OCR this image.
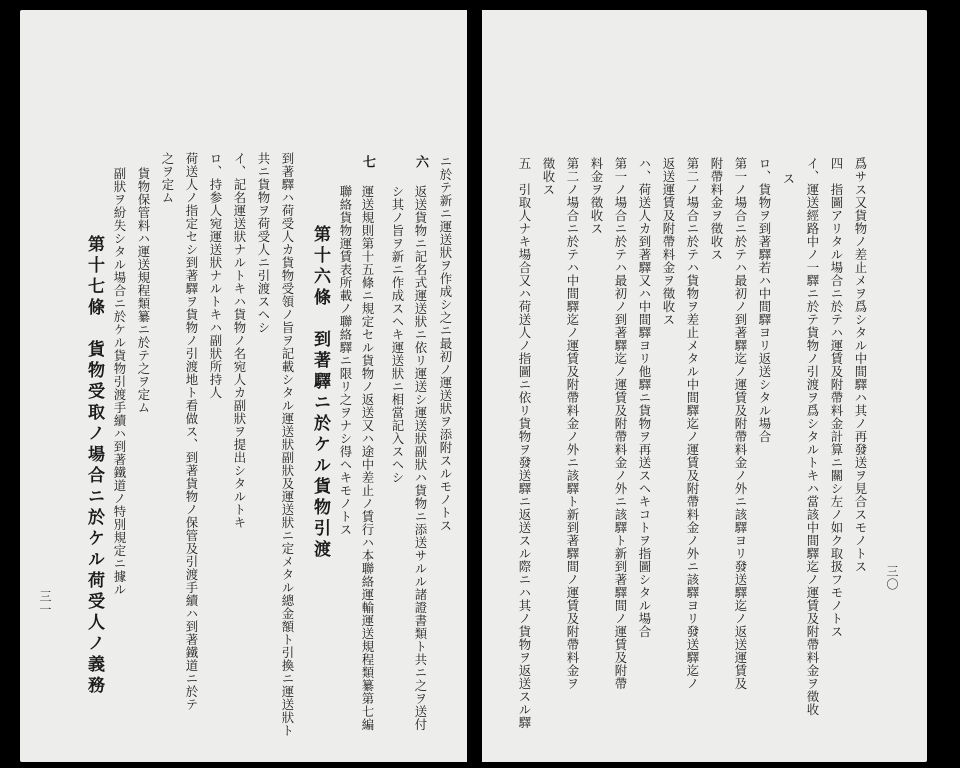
ニ於テ新ニ運送狀ヲ作成シ之ニ最初ノ運送狀ヲ添附スルモノトス
六
返送貨物ニ記名式運送狀ニ依リ運送シ運送狀副狀ハ貨物ニ添送サルル諸證書類ト共ニ之ヲ送付
シ其ノ旨ヲ新ニ作成スヘキ運送狀ニ相當記入スヘシ
七
運送規則第十五條ニ規定セル貨物ノ返送又ハ途中差止ノ賃行ハ本聯絡運輸運送規程類纂第七編
聯絡貨物運賃表所載ノ聯絡驛ニ限リ之ヲナシ得ヘキモノトス
第十六條　到著驛ニ於ケル貨物引渡
到著驛ハ荷受人カ貨物受領ノ旨ヲ記載シタル運送狀副狀及運送狀ニ定メタル總金額ト引換ニ運送狀ト
共ニ貨物ヲ荷受人ニ引渡スヘシ
イ、記名運送狀ナルトキハ貨物ノ名宛人カ副狀ヲ提出シタルトキ
ロ、持参人宛運送狀ナルトキハ副狀所持人
荷送人ノ指定セシ到著驛ヲ貨物ノ引渡地ト看做ス、到著貨物ノ保管及引渡手續ハ到著鐵道ニ於テ
之ヲ定ム
貨物保管料ハ運送規程類纂ニ於テ之ヲ定ム
副狀ヲ紛失シタル場合ニ於ケル貨物引渡手續ハ到著鐵道ノ特別規定ニ據ル
第十七條　貨物受取ノ場合ニ於ケル荷受人ノ義務
三一
三〇
爲サス又貨物ノ差止メヲ爲シタル中間驛ハ其ノ再發送ヲ見合スモノトス
四　指圖アリタル場合ニ於テハ運賃及附帶料金計算ニ關シ左ノ如ク取扱フモノトス
イ、運送經路中ノ一驛ニ於テ貨物ノ引渡ヲ爲シタルトキハ當該中間驛迄ノ運賃及附帶料金ヲ徵收
ス
ロ、貨物ヲ到著驛若ハ中間驛ヨリ返送シタル場合
第一ノ場合ニ於テハ最初ノ到著驛迄ノ運賃及附帶料金ノ外ニ該驛ヨリ發送驛迄ノ返送運賃及
附帶料金ヲ徵收ス
第二ノ場合ニ於テハ貨物ヲ差止メタル中間驛迄ノ運賃及附帶料金ノ外ニ該驛ヨリ發送驛迄ノ
返送運賃及附帶料金ヲ徵收ス
ハ、荷送人カ到著驛又ハ中間驛ヨリ他驛ニ貨物ヲ再送スヘキコトヲ指圖シタル場合
第一ノ場合ニ於テハ最初ノ到著驛迄ノ運賃及附帶料金ノ外ニ該驛ト新到著驛間ノ運賃及附帶
料金ヲ徵收ス
第二ノ場合ニ於テハ中間驛迄ノ運賃及附帶料金ノ外ニ該驛ト新到著驛間ノ運賃及附帶料金ヲ
徵收ス
五　引取人ナキ場合又ハ荷送人ノ指圖ニ依リ貨物ヲ發送驛ニ返送スル際ニハ其ノ貨物ヲ返送スル驛
